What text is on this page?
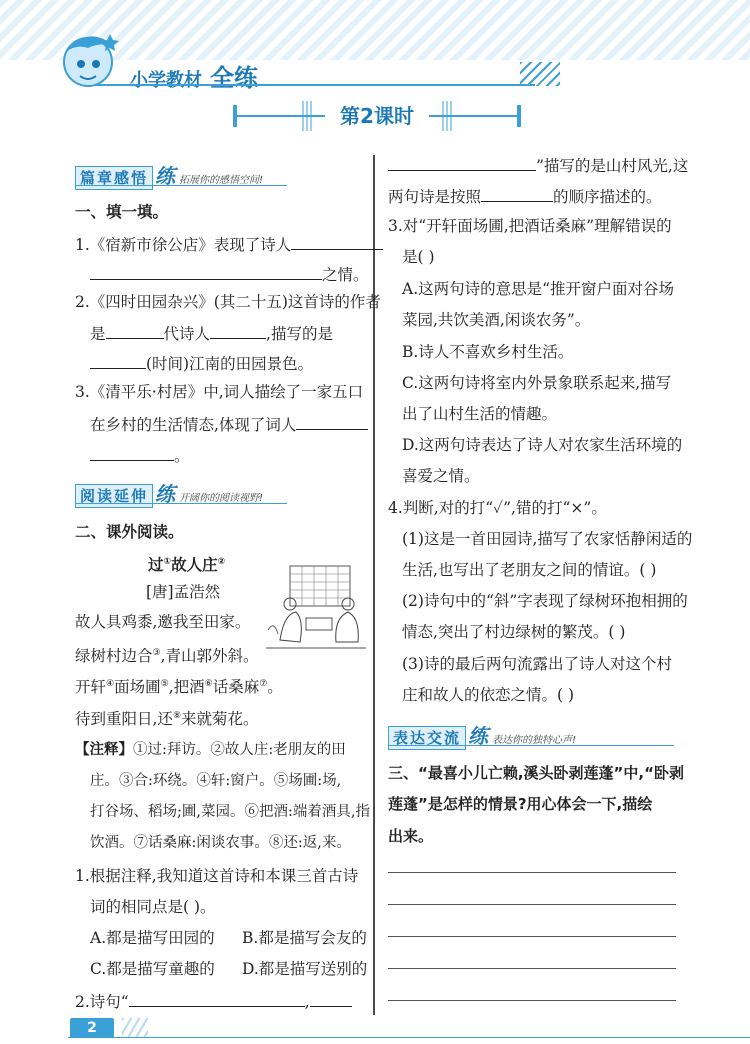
小学教材 全练
第2课时
篇章感悟 练 拓展你的感悟空间!
一、填一填。
1.《宿新市徐公店》表现了诗人
之情。
2.《四时田园杂兴》(其二十五)这首诗的作者
是	代诗人	,描写的是
(时间)江南的田园景色。
3.《清平乐·村居》中,词人描绘了一家五口
在乡村的生活情态,体现了词人
。
阅读延伸 练 开阔你的阅读视野!
二、课外阅读。
过①故人庄②
[唐]孟浩然
故人具鸡黍,邀我至田家。
绿树村边合③,青山郭外斜。
开轩④面场圃⑤,把酒⑥话桑麻⑦。
待到重阳日,还⑧来就菊花。
【注释】①过:拜访。②故人庄:老朋友的田
庄。③合:环绕。④轩:窗户。⑤场圃:场,
打谷场、稻场;圃,菜园。⑥把酒:端着酒具,指
饮酒。⑦话桑麻:闲谈农事。⑧还:返,来。
1.根据注释,我知道这首诗和本课三首古诗
词的相同点是( )。
A.都是描写田园的 B.都是描写会友的
C.都是描写童趣的 D.都是描写送别的
2.诗句“	,
”描写的是山村风光,这
两句诗是按照	的顺序描述的。
3.对“开轩面场圃,把酒话桑麻”理解错误的
是( )
A.这两句诗的意思是“推开窗户面对谷场
菜园,共饮美酒,闲谈农务”。
B.诗人不喜欢乡村生活。
C.这两句诗将室内外景象联系起来,描写
出了山村生活的情趣。
D.这两句诗表达了诗人对农家生活环境的
喜爱之情。
4.判断,对的打“✓”,错的打“×”。
(1)这是一首田园诗,描写了农家恬静闲适的
生活,也写出了老朋友之间的情谊。( )
(2)诗句中的“斜”字表现了绿树环抱相拥的
情态,突出了村边绿树的繁茂。( )
(3)诗的最后两句流露出了诗人对这个村
庄和故人的依恋之情。( )
表达交流 练 表达你的独特心声!
三、“最喜小儿亡赖,溪头卧剥莲蓬”中,“卧剥
莲蓬”是怎样的情景?用心体会一下,描绘
出来。
2
